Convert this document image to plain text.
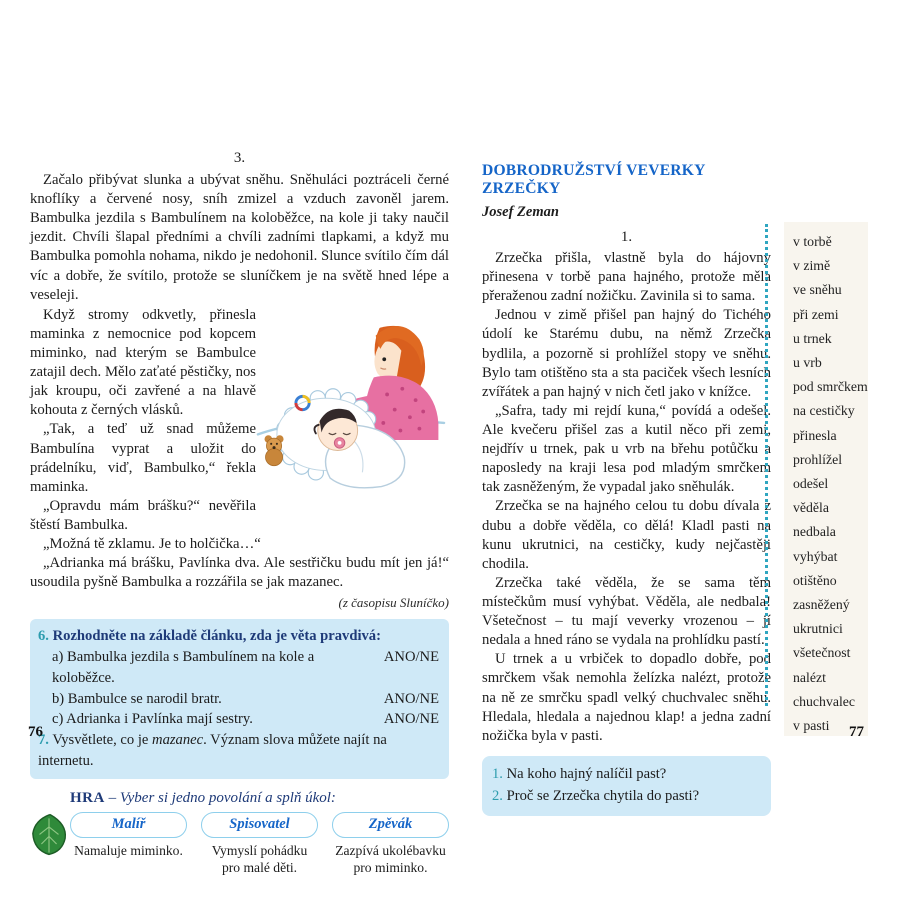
3.

Začalo přibývat slunka a ubývat sněhu. Sněhuláci poztráceli černé knoflíky a červené nosy, sníh zmizel a vzduch zavoněl jarem. Bambulka jezdila s Bambulínem na koloběžce, na kole ji taky naučil jezdit. Chvíli šlapal předními a chvíli zadními tlapkami, a když mu Bambulka pomohla nohama, nikdo je nedohonil. Slunce svítilo čím dál víc a dobře, že svítilo, protože se sluníčkem je na světě hned lépe a veseleji.

Když stromy odkvetly, přinesla maminka z nemocnice pod kopcem miminko, nad kterým se Bambulce zatajil dech. Mělo zaťaté pěstičky, nos jak kroupu, oči zavřené a na hlavě kohouta z černých vlásků.

„Tak, a teď už snad můžeme Bambulína vyprat a uložit do prádelníku, viď, Bambulko,“ řekla maminka.

„Opravdu mám brášku?“ nevěřila štěstí Bambulka.

„Možná tě zklamu. Je to holčička…“

„Adrianka má brášku, Pavlínka dva. Ale sestřičku budu mít jen já!“ usoudila pyšně Bambulka a rozzářila se jak mazanec.

(z časopisu Sluníčko)
6. Rozhodněte na základě článku, zda je věta pravdivá:
a) Bambulka jezdila s Bambulínem na kole a koloběžce.
ANO/NE
b) Bambulce se narodil bratr.	ANO/NE
c) Adrianka i Pavlínka mají sestry.	ANO/NE
7. Vysvětlete, co je mazanec. Význam slova můžete najít na internetu.
HRA – Vyber si jedno povolání a splň úkol:
Malíř
Namaluje miminko.
Spisovatel
Vymyslí pohádku pro malé děti.
Zpěvák
Zazpívá ukolébavku pro miminko.
DOBRODRUŽSTVÍ VEVERKY ZRZEČKY
Josef Zeman
1.

Zrzečka přišla, vlastně byla do hájovny přinesena v torbě pana hajného, protože měla přeraženou zadní nožičku. Zavinila si to sama.

Jednou v zimě přišel pan hajný do Tichého údolí ke Starému dubu, na němž Zrzečka bydlila, a pozorně si prohlížel stopy ve sněhu. Bylo tam otištěno sta a sta paciček všech lesních zvířátek a pan hajný v nich četl jako v knížce.

„Safra, tady mi rejdí kuna,“ povídá a odešel. Ale kvečeru přišel zas a kutil něco při zemi, nejdřív u trnek, pak u vrb na břehu potůčku a naposledy na kraji lesa pod mladým smrčkem tak zasněženým, že vypadal jako sněhulák.

Zrzečka se na hajného celou tu dobu dívala z dubu a dobře věděla, co dělá! Kladl pasti na kunu ukrutnici, na cestičky, kudy nejčastěji chodila.

Zrzečka také věděla, že se sama těm místečkům musí vyhýbat. Věděla, ale nedbala! Všetečnost – tu mají veverky vrozenou – jí nedala a hned ráno se vydala na prohlídku pastí.

U trnek a u vrbiček to dopadlo dobře, pod smrčkem však nemohla želízka nalézt, protože na ně ze smrčku spadl velký chuchvalec sněhu. Hledala, hledala a najednou klap! a jedna zadní nožička byla v pasti.

1. Na koho hajný nalíčil past?
2. Proč se Zrzečka chytila do pasti?
v torbě
v zimě
ve sněhu
při zemi
u trnek
u vrb
pod smrčkem
na cestičky
přinesla
prohlížel
odešel
věděla
nedbala
vyhýbat
otištěno
zasněžený
ukrutnici
všetečnost
nalézt
chuchvalec
v pasti
76	77
